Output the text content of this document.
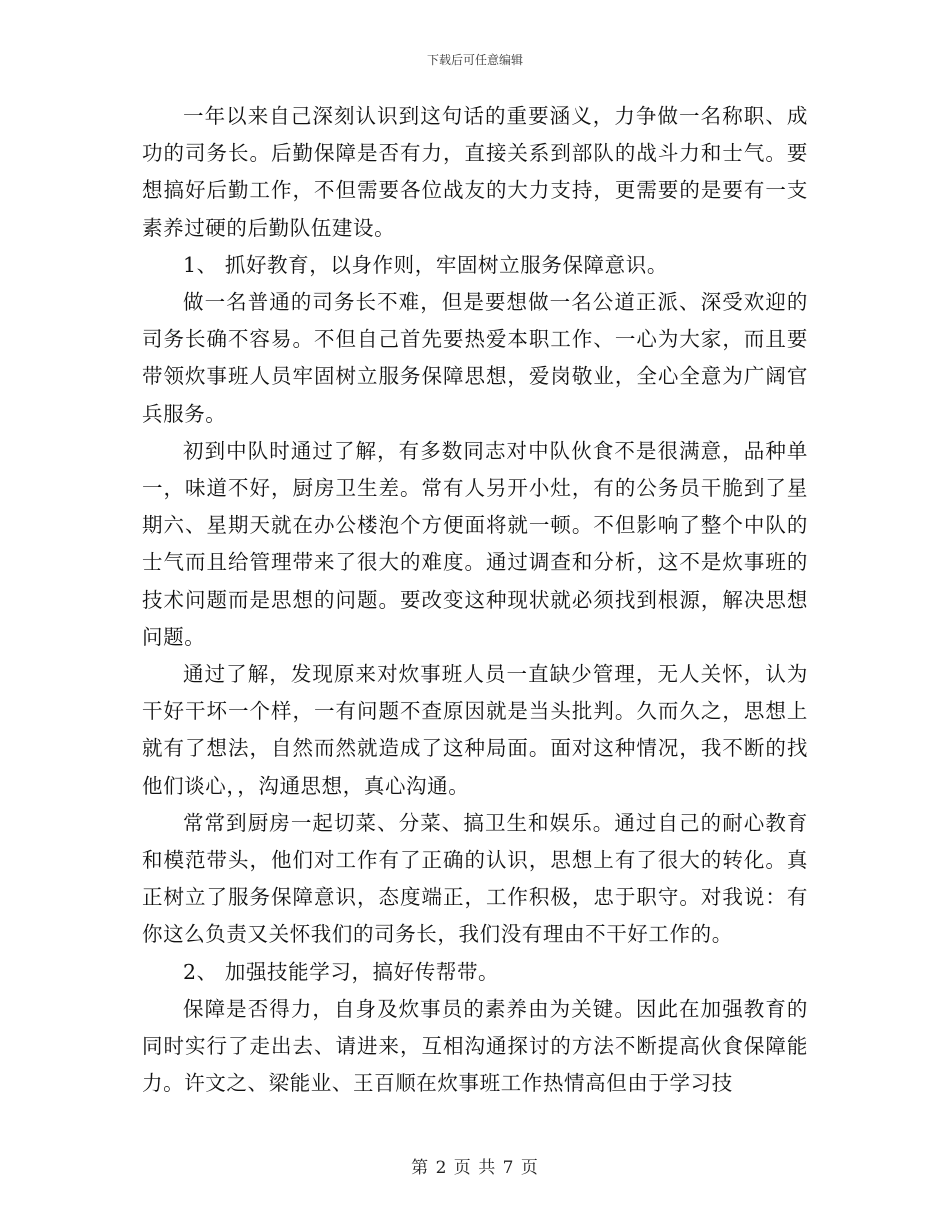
下载后可任意编辑

一年以来自己深刻认识到这句话的重要涵义，力争做一名称职、成功的司务长。后勤保障是否有力，直接关系到部队的战斗力和士气。要想搞好后勤工作，不但需要各位战友的大力支持，更需要的是要有一支素养过硬的后勤队伍建设。

1、 抓好教育，以身作则，牢固树立服务保障意识。

做一名普通的司务长不难，但是要想做一名公道正派、深受欢迎的司务长确不容易。不但自己首先要热爱本职工作、一心为大家，而且要带领炊事班人员牢固树立服务保障思想，爱岗敬业，全心全意为广阔官兵服务。

初到中队时通过了解，有多数同志对中队伙食不是很满意，品种单一，味道不好，厨房卫生差。常有人另开小灶，有的公务员干脆到了星期六、星期天就在办公楼泡个方便面将就一顿。不但影响了整个中队的士气而且给管理带来了很大的难度。通过调查和分析，这不是炊事班的技术问题而是思想的问题。要改变这种现状就必须找到根源，解决思想问题。

通过了解，发现原来对炊事班人员一直缺少管理，无人关怀，认为干好干坏一个样，一有问题不查原因就是当头批判。久而久之，思想上就有了想法，自然而然就造成了这种局面。面对这种情况，我不断的找他们谈心，，沟通思想，真心沟通。

常常到厨房一起切菜、分菜、搞卫生和娱乐。通过自己的耐心教育和模范带头，他们对工作有了正确的认识，思想上有了很大的转化。真正树立了服务保障意识，态度端正，工作积极，忠于职守。对我说：有你这么负责又关怀我们的司务长，我们没有理由不干好工作的。

2、 加强技能学习，搞好传帮带。

保障是否得力，自身及炊事员的素养由为关键。因此在加强教育的同时实行了走出去、请进来，互相沟通探讨的方法不断提高伙食保障能力。许文之、梁能业、王百顺在炊事班工作热情高但由于学习技

第 2 页 共 7 页
